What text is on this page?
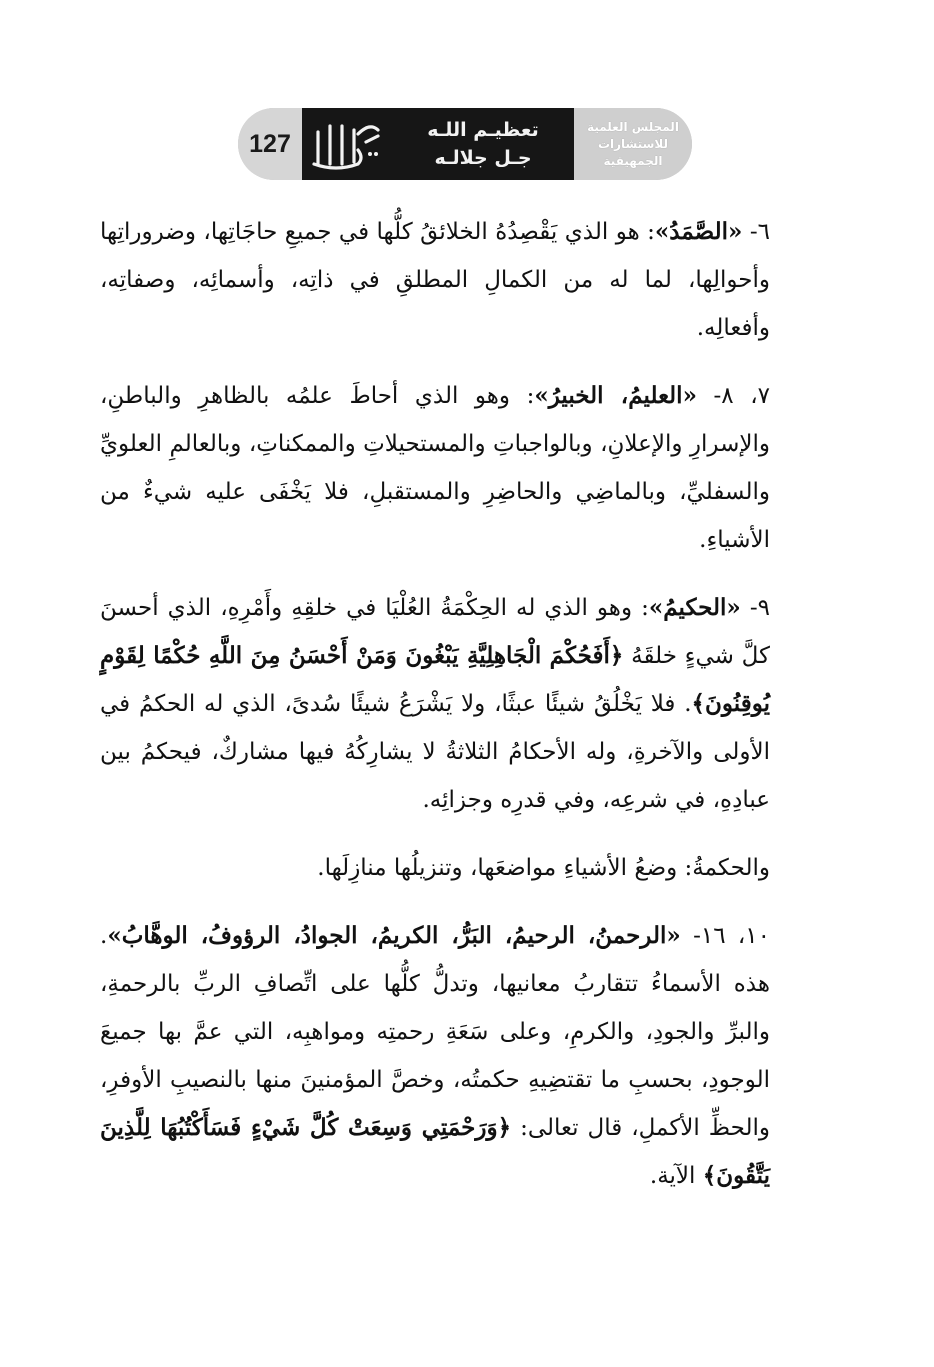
127	تعظيـم اللـه
جـل جلالـه
المجلس العلمية
للاستشارات
الجمهيقية

٦- «الصَّمَدُ»: هو الذي يَقْصِدُهُ الخلائقُ كلُّها في جميعِ حاجَاتِها، وضروراتِها وأحوالِها، لما له من الكمالِ المطلقِ في ذاتِه، وأسمائِه، وصفاتِه، وأفعالِه.

٧، ٨- «العليمُ، الخبيرُ»: وهو الذي أحاطَ علمُه بالظاهرِ والباطنِ، والإسرارِ والإعلانِ، وبالواجباتِ والمستحيلاتِ والممكناتِ، وبالعالمِ العلويِّ والسفليِّ، وبالماضِي والحاضِرِ والمستقبلِ، فلا يَخْفَى عليه شيءٌ من الأشياءِ.

٩- «الحكيمُ»: وهو الذي له الحِكْمَةُ العُلْيَا في خلقِهِ وأَمْرِهِ، الذي أحسنَ كلَّ شيءٍ خلقَهُ ﴿أَفَحُكْمَ الْجَاهِلِيَّةِ يَبْغُونَ وَمَنْ أَحْسَنُ مِنَ اللَّهِ حُكْمًا لِقَوْمٍ يُوقِنُونَ﴾. فلا يَخْلُقُ شيئًا عبثًا، ولا يَشْرَعُ شيئًا سُدىً، الذي له الحكمُ في الأولى والآخرةِ، وله الأحكامُ الثلاثةُ لا يشارِكُهُ فيها مشاركٌ، فيحكمُ بين عبادِهِ، في شرعِه، وفي قدرِه وجزائِه.

والحكمةُ: وضعُ الأشياءِ مواضعَها، وتنزيلُها منازِلَها.

١٠، ١٦- «الرحمنُ، الرحيمُ، البَرُّ، الكريمُ، الجوادُ، الرؤوفُ، الوهَّابُ». هذه الأسماءُ تتقاربُ معانيها، وتدلُّ كلُّها على اتِّصافِ الربِّ بالرحمةِ، والبرِّ والجودِ، والكرمِ، وعلى سَعَةِ رحمتِه ومواهبِه، التي عمَّ بها جميعَ الوجودِ، بحسبِ ما تقتضِيهِ حكمتُه، وخصَّ المؤمنينَ منها بالنصيبِ الأوفرِ، والحظِّ الأكملِ، قال تعالى: ﴿وَرَحْمَتِي وَسِعَتْ كُلَّ شَيْءٍ فَسَأَكْتُبُهَا لِلَّذِينَ يَتَّقُونَ﴾ الآية.
